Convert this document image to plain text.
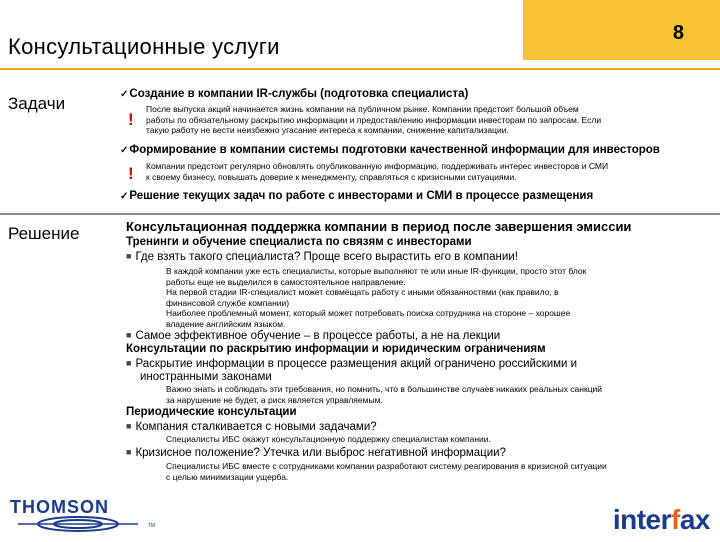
8
Консультационные услуги
Задачи
✓	Создание в компании IR-службы (подготовка специалиста)
!
После выпуска акций начинается жизнь компании на публичном рынке. Компании предстоит большой объем
работы по обязательному раскрытию информации и предоставлению информации инвесторам по запросам. Если
такую работу не вести неизбежно угасание интереса к компании, снижение капитализации.
✓ Формирование в компании системы подготовки качественной информации для инвесторов
! Компании предстоит регулярно обновлять опубликованную информацию, поддерживать интерес инвесторов и СМИ
к своему бизнесу, повышать доверие к менеджменту, справляться с кризисными ситуациями.
✓ Решение текущих задач по работе с инвесторами и СМИ в процессе размещения
Решение	Консультационная поддержка компании в период после завершения эмиссии
Тренинги и обучение специалиста по связям с инвесторами
■ Где взять такого специалиста? Проще всего вырастить его в компании!
В каждой компании уже есть специалисты, которые выполняют те или иные IR-функции, просто этот блок
работы еще не выделился в самостоятельное направление.
На первой стадии IR-специалист может совмещать работу с иными обязанностями (как правило, в
финансовой службе компании)
Наиболее проблемный момент, который может потребовать поиска сотрудника на стороне – хорошее
владение английским языком.
■ Самое эффективное обучение – в процессе работы, а не на лекции
Консультации по раскрытию информации и юридическим ограничениям
■ Раскрытие информации в процессе размещения акций ограничено российскими и
иностранными законами
Важно знать и соблюдать эти требования, но помнить, что в большинстве случаев никаких реальных санкций
за нарушение не будет, а риск является управляемым.
Периодические консультации
■ Компания сталкивается с новыми задачами?
Специалисты ИБС окажут консультационную поддержку специалистам компании.
■ Кризисное положение? Утечка или выброс негативной информации?
Специалисты ИБС вместе с сотрудниками компании разработают систему реагирования в кризисной ситуации
с целью минимизации ущерба.
THOMSON
TM	interfax
